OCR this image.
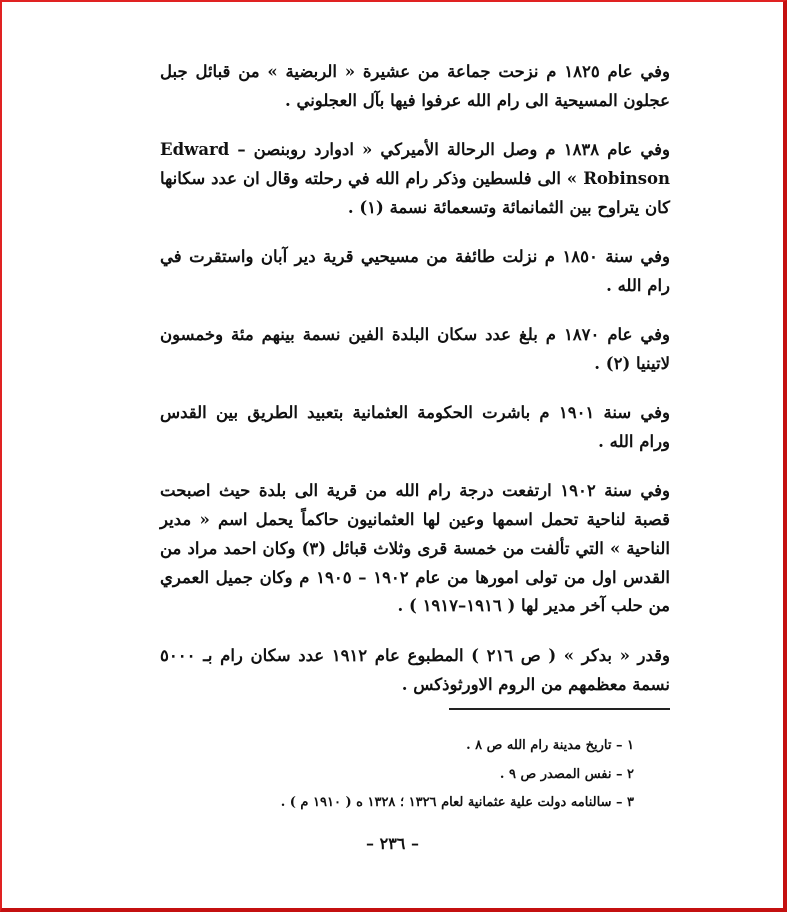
وفي عام ١٨٢٥ م نزحت جماعة من عشيرة « الربضية » من قبائل جبل عجلون المسيحية الى رام الله عرفوا فيها بآل العجلوني .

وفي عام ١٨٣٨ م وصل الرحالة الأميركي « ادوارد روبنصن – Edward Robinson » الى فلسطين وذكر رام الله في رحلته وقال ان عدد سكانها كان يتراوح بين الثمانمائة وتسعمائة نسمة (١) .

وفي سنة ١٨٥٠ م نزلت طائفة من مسيحيي قرية دير آبان واستقرت في رام الله .

وفي عام ١٨٧٠ م بلغ عدد سكان البلدة الفين نسمة بينهم مئة وخمسون لاتينيا (٢) .

وفي سنة ١٩٠١ م باشرت الحكومة العثمانية بتعبيد الطريق بين القدس ورام الله .

وفي سنة ١٩٠٢ ارتفعت درجة رام الله من قرية الى بلدة حيث اصبحت قصبة لناحية تحمل اسمها وعين لها العثمانيون حاكماً يحمل اسم « مدير الناحية » التي تألفت من خمسة قرى وثلاث قبائل (٣) وكان احمد مراد من القدس اول من تولى امورها من عام ١٩٠٢ – ١٩٠٥ م وكان جميل العمري من حلب آخر مدير لها ( ١٩١٦–١٩١٧ ) .

وقدر « بدكر » ( ص ٢١٦ ) المطبوع عام ١٩١٢ عدد سكان رام بـ ٥٠٠٠ نسمة معظمهم من الروم الاورثوذكس .

١ – تاريخ مدينة رام الله ص ٨ .

٢ – نفس المصدر ص ٩ .

٣ – سالنامه دولت علية عثمانية لعام ١٣٢٦ ؛ ١٣٢٨ ه ( ١٩١٠ م ) .

– ٢٣٦ –
